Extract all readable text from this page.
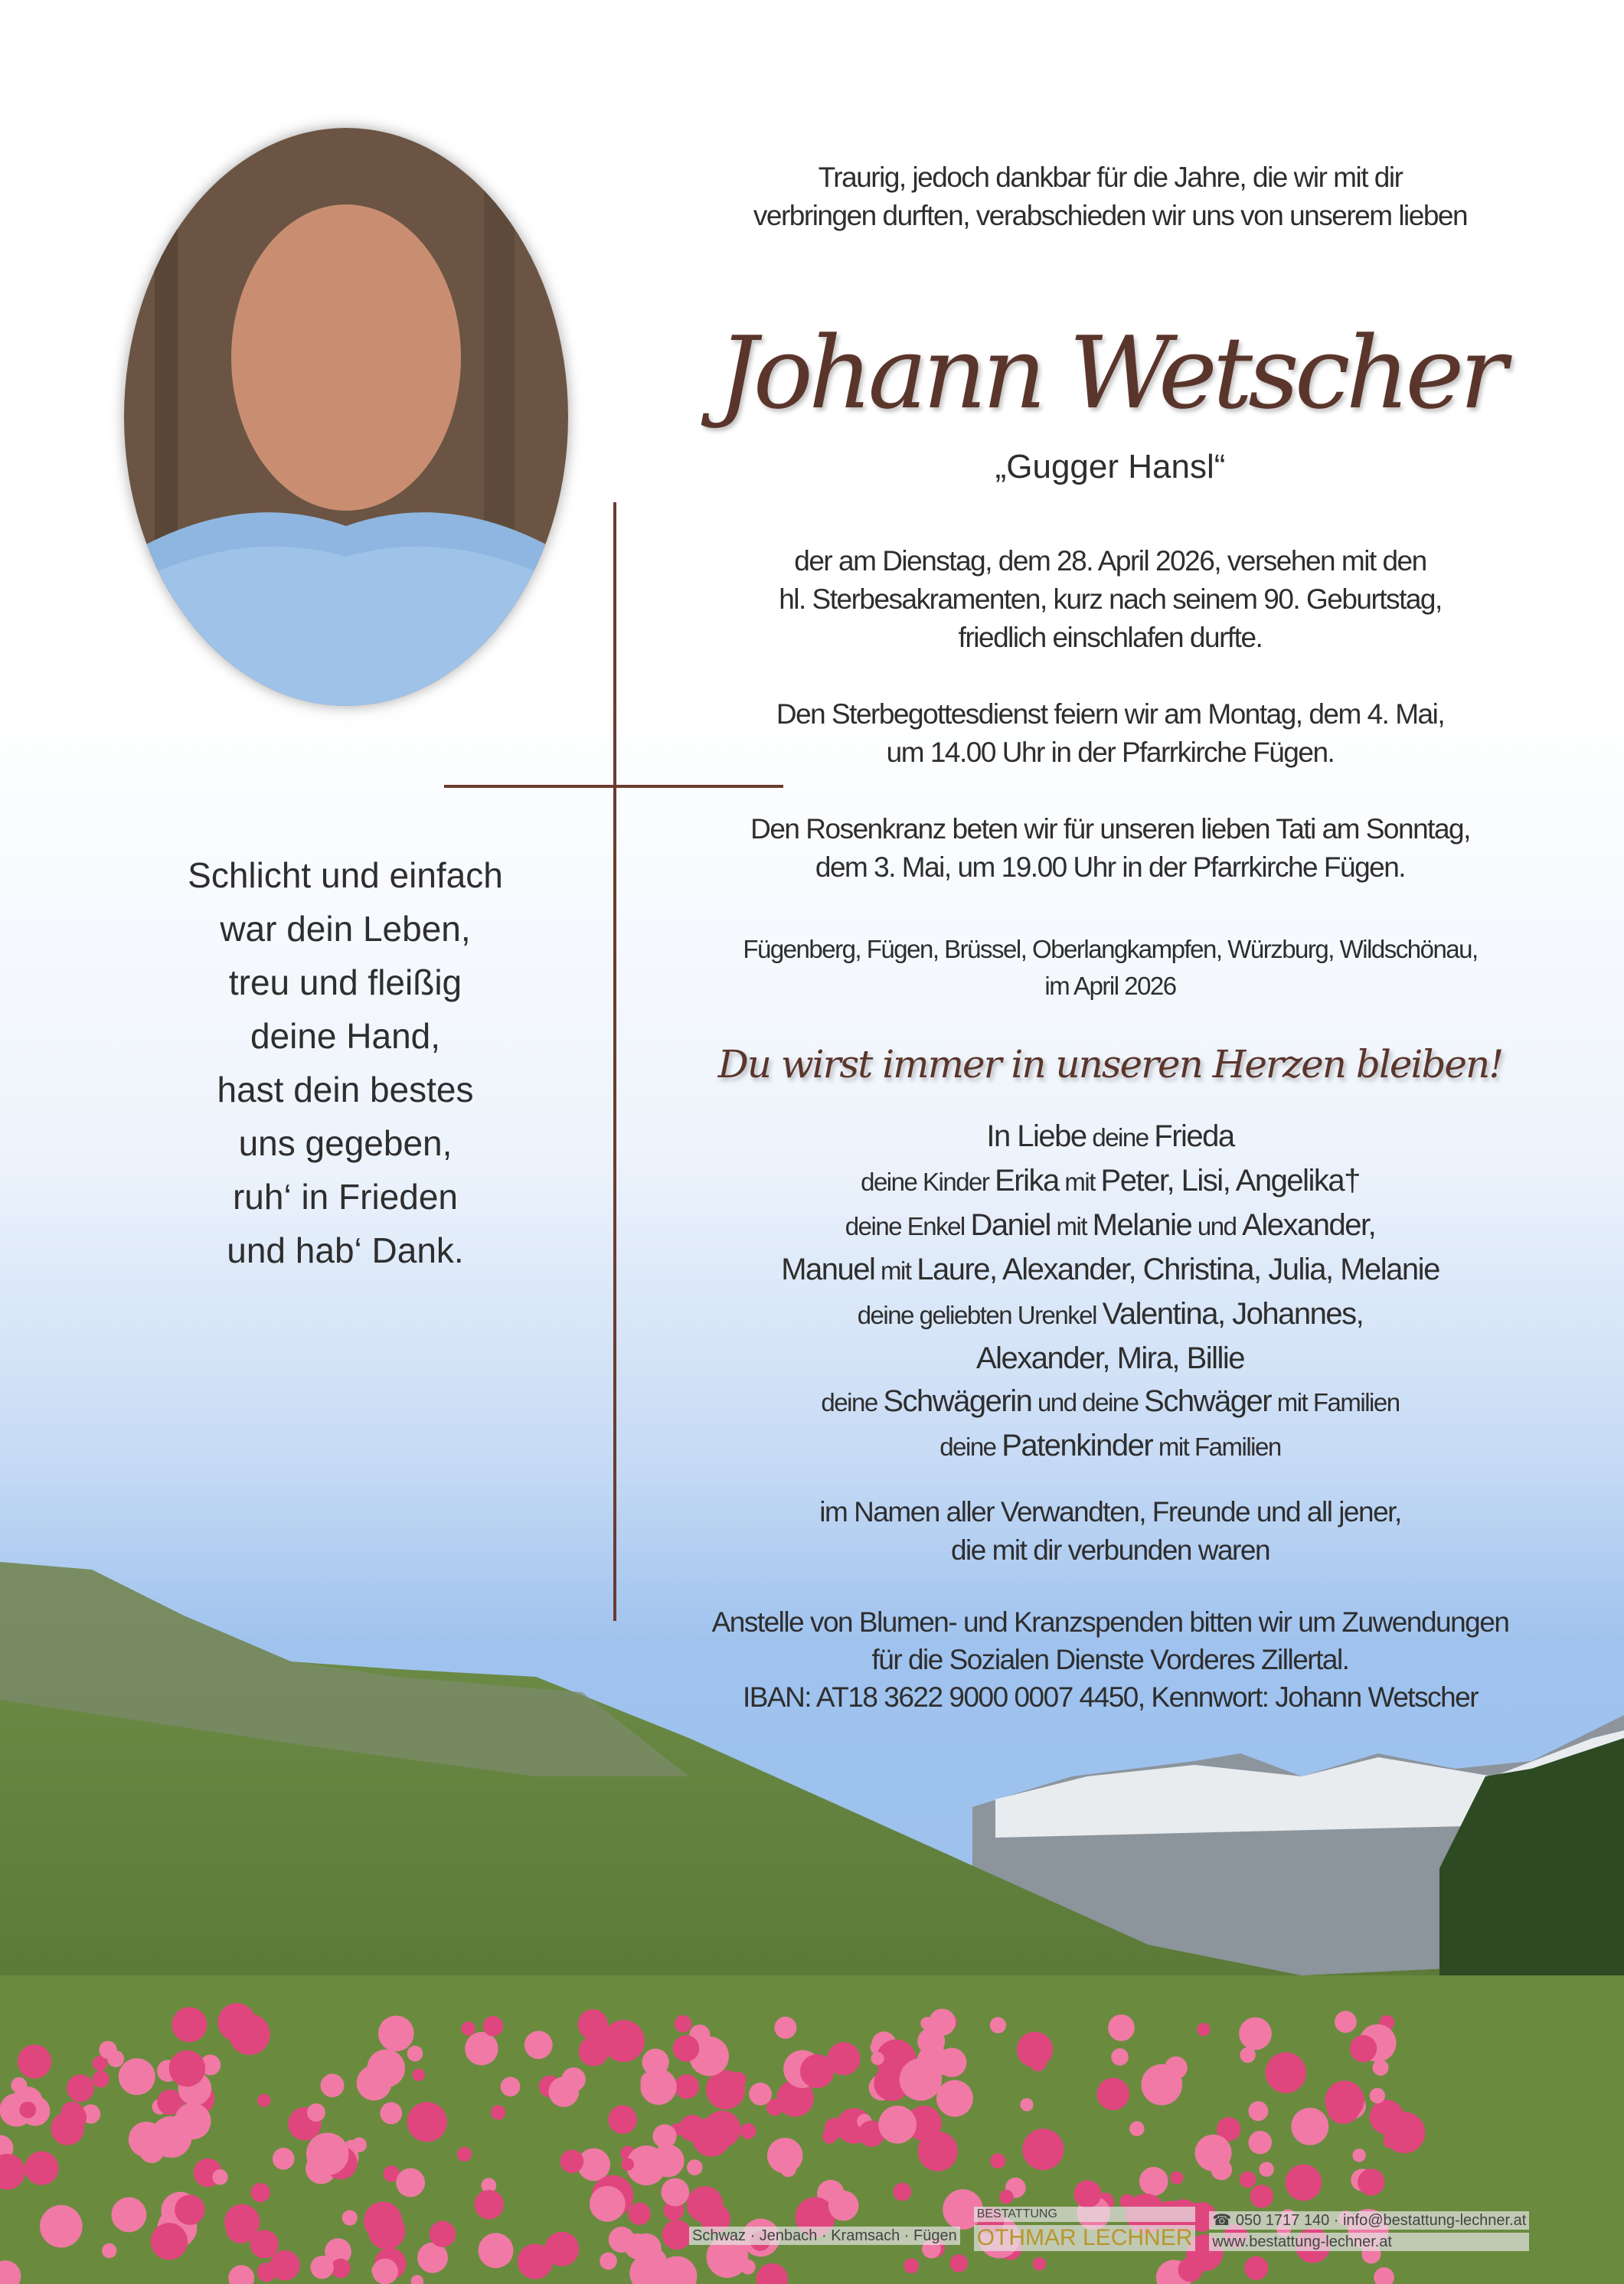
Traurig, jedoch dankbar für die Jahre, die wir mit dir
verbringen durften, verabschieden wir uns von unserem lieben
Johann Wetscher
„Gugger Hansl“
der am Dienstag, dem 28. April 2026, versehen mit den
hl. Sterbesakramenten, kurz nach seinem 90. Geburtstag,
friedlich einschlafen durfte.
Den Sterbegottesdienst feiern wir am Montag, dem 4. Mai,
um 14.00 Uhr in der Pfarrkirche Fügen.
Den Rosenkranz beten wir für unseren lieben Tati am Sonntag,
dem 3. Mai, um 19.00 Uhr in der Pfarrkirche Fügen.
Fügenberg, Fügen, Brüssel, Oberlangkampfen, Würzburg, Wildschönau,
im April 2026
Du wirst immer in unseren Herzen bleiben!
In Liebe deine Frieda
deine Kinder Erika mit Peter, Lisi, Angelika†
deine Enkel Daniel mit Melanie und Alexander,
Manuel mit Laure, Alexander, Christina, Julia, Melanie
deine geliebten Urenkel Valentina, Johannes,
Alexander, Mira, Billie
deine Schwägerin und deine Schwäger mit Familien
deine Patenkinder mit Familien
im Namen aller Verwandten, Freunde und all jener,
die mit dir verbunden waren
Anstelle von Blumen- und Kranzspenden bitten wir um Zuwendungen
für die Sozialen Dienste Vorderes Zillertal.
IBAN: AT18 3622 9000 0007 4450, Kennwort: Johann Wetscher
Schlicht und einfach
war dein Leben,
treu und fleißig
deine Hand,
hast dein bestes
uns gegeben,
ruh‘ in Frieden
und hab‘ Dank.
Schwaz · Jenbach · Kramsach · Fügen
BESTATTUNG
OTHMAR LECHNER
☎ 050 1717 140 · info@bestattung-lechner.at
www.bestattung-lechner.at
